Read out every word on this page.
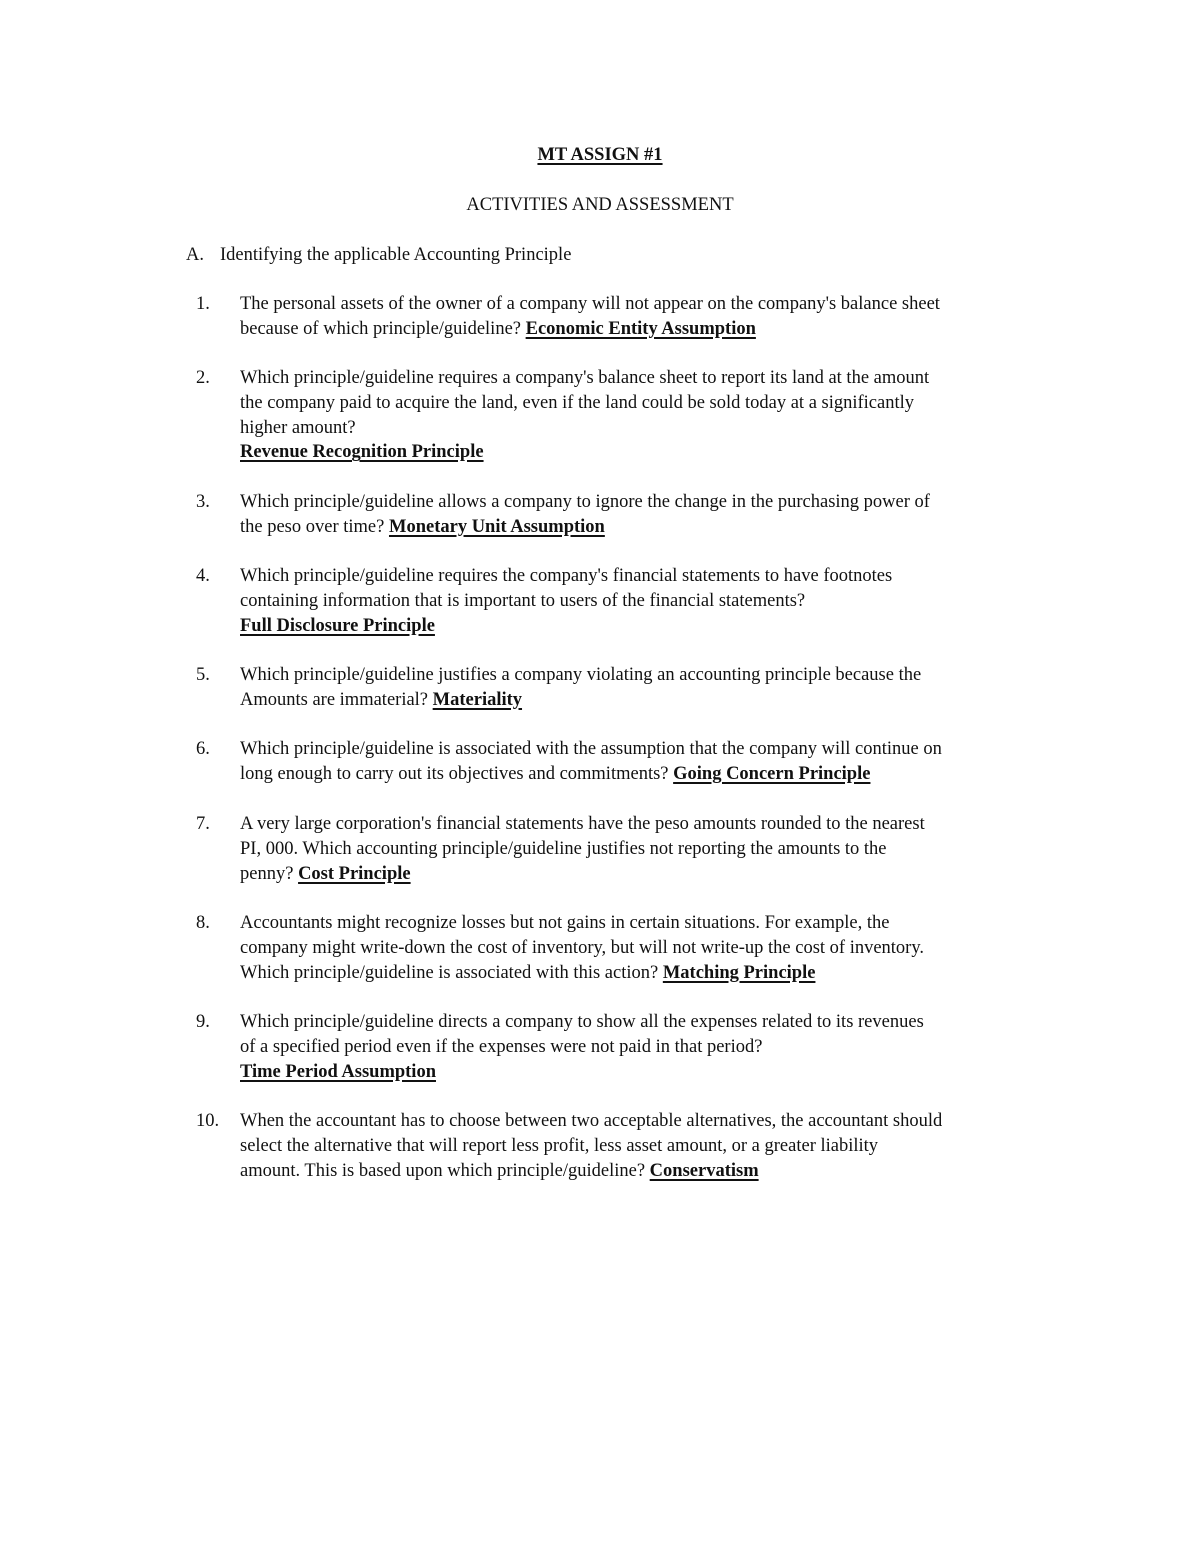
MT ASSIGN #1
ACTIVITIES AND ASSESSMENT
A. Identifying the applicable Accounting Principle
1.	The personal assets of the owner of a company will not appear on the company's balance sheet
because of which principle/guideline? Economic Entity Assumption
2.	Which principle/guideline requires a company's balance sheet to report its land at the amount
the company paid to acquire the land, even if the land could be sold today at a significantly
higher amount?
Revenue Recognition Principle
3.	Which principle/guideline allows a company to ignore the change in the purchasing power of
the peso over time? Monetary Unit Assumption
4.	Which principle/guideline requires the company's financial statements to have footnotes
containing information that is important to users of the financial statements?
Full Disclosure Principle
5.	Which principle/guideline justifies a company violating an accounting principle because the
Amounts are immaterial? Materiality
6.	Which principle/guideline is associated with the assumption that the company will continue on
long enough to carry out its objectives and commitments? Going Concern Principle
7.	A very large corporation's financial statements have the peso amounts rounded to the nearest
PI, 000. Which accounting principle/guideline justifies not reporting the amounts to the
penny? Cost Principle
8.	Accountants might recognize losses but not gains in certain situations. For example, the
company might write-down the cost of inventory, but will not write-up the cost of inventory.
Which principle/guideline is associated with this action? Matching Principle
9.	Which principle/guideline directs a company to show all the expenses related to its revenues
of a specified period even if the expenses were not paid in that period?
Time Period Assumption
10.	When the accountant has to choose between two acceptable alternatives, the accountant should
select the alternative that will report less profit, less asset amount, or a greater liability
amount. This is based upon which principle/guideline? Conservatism
